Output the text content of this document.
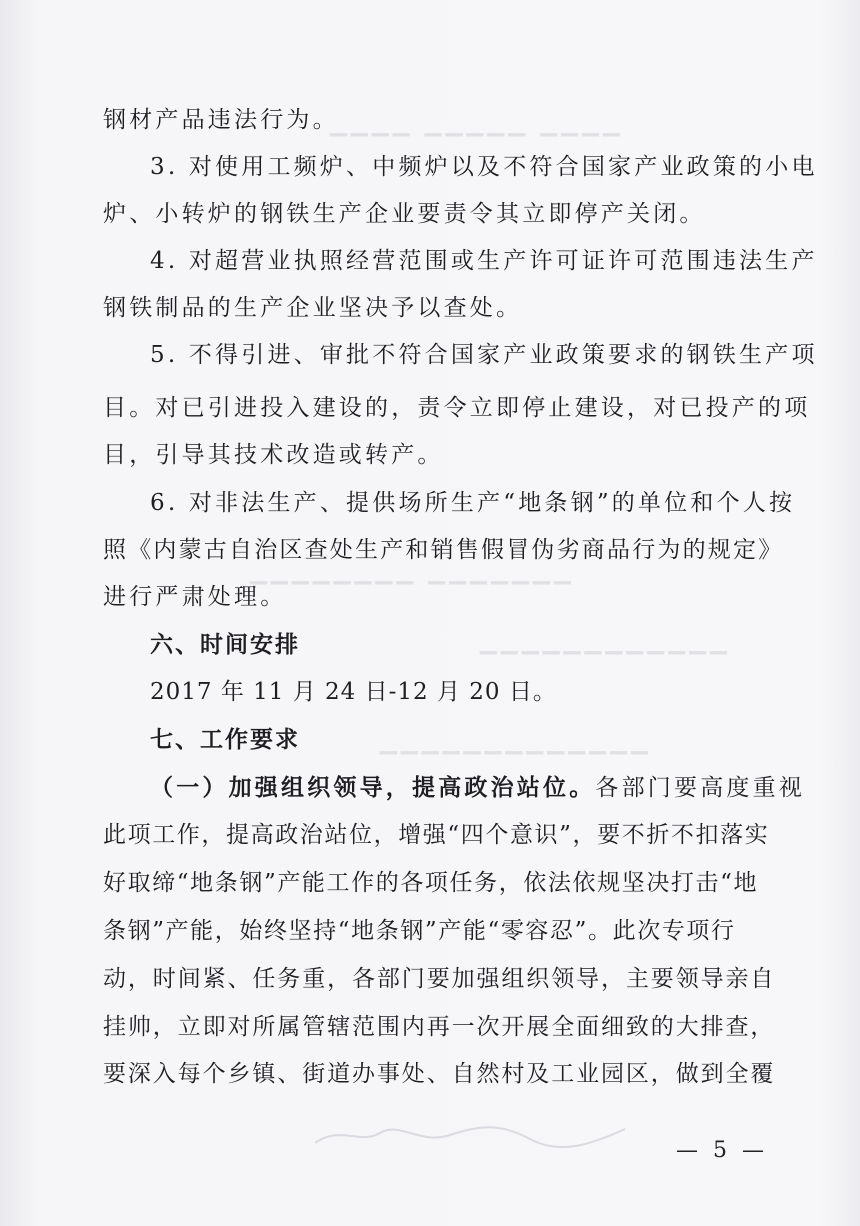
▁▁▁▁ ▁▁▁▁▁ ▁▁▁▁
▁▁▁▁▁▁▁▁ ▁▁▁▁▁▁▁
▁▁▁▁▁▁▁▁▁▁▁▁
▁▁▁▁▁▁▁▁▁▁▁▁▁
钢材产品违法行为。
3. 对使用工频炉、中频炉以及不符合国家产业政策的小电
炉、小转炉的钢铁生产企业要责令其立即停产关闭。
4. 对超营业执照经营范围或生产许可证许可范围违法生产
钢铁制品的生产企业坚决予以查处。
5. 不得引进、审批不符合国家产业政策要求的钢铁生产项
目。对已引进投入建设的，责令立即停止建设，对已投产的项
目，引导其技术改造或转产。
6. 对非法生产、提供场所生产“地条钢”的单位和个人按
照《内蒙古自治区查处生产和销售假冒伪劣商品行为的规定》
进行严肃处理。
六、时间安排
2017 年 11 月 24 日-12 月 20 日。
七、工作要求
（一）加强组织领导，提高政治站位。各部门要高度重视
此项工作，提高政治站位，增强“四个意识”，要不折不扣落实
好取缔“地条钢”产能工作的各项任务，依法依规坚决打击“地
条钢”产能，始终坚持“地条钢”产能“零容忍”。此次专项行
动，时间紧、任务重，各部门要加强组织领导，主要领导亲自
挂帅，立即对所属管辖范围内再一次开展全面细致的大排查，
要深入每个乡镇、街道办事处、自然村及工业园区，做到全覆
— 5 —
